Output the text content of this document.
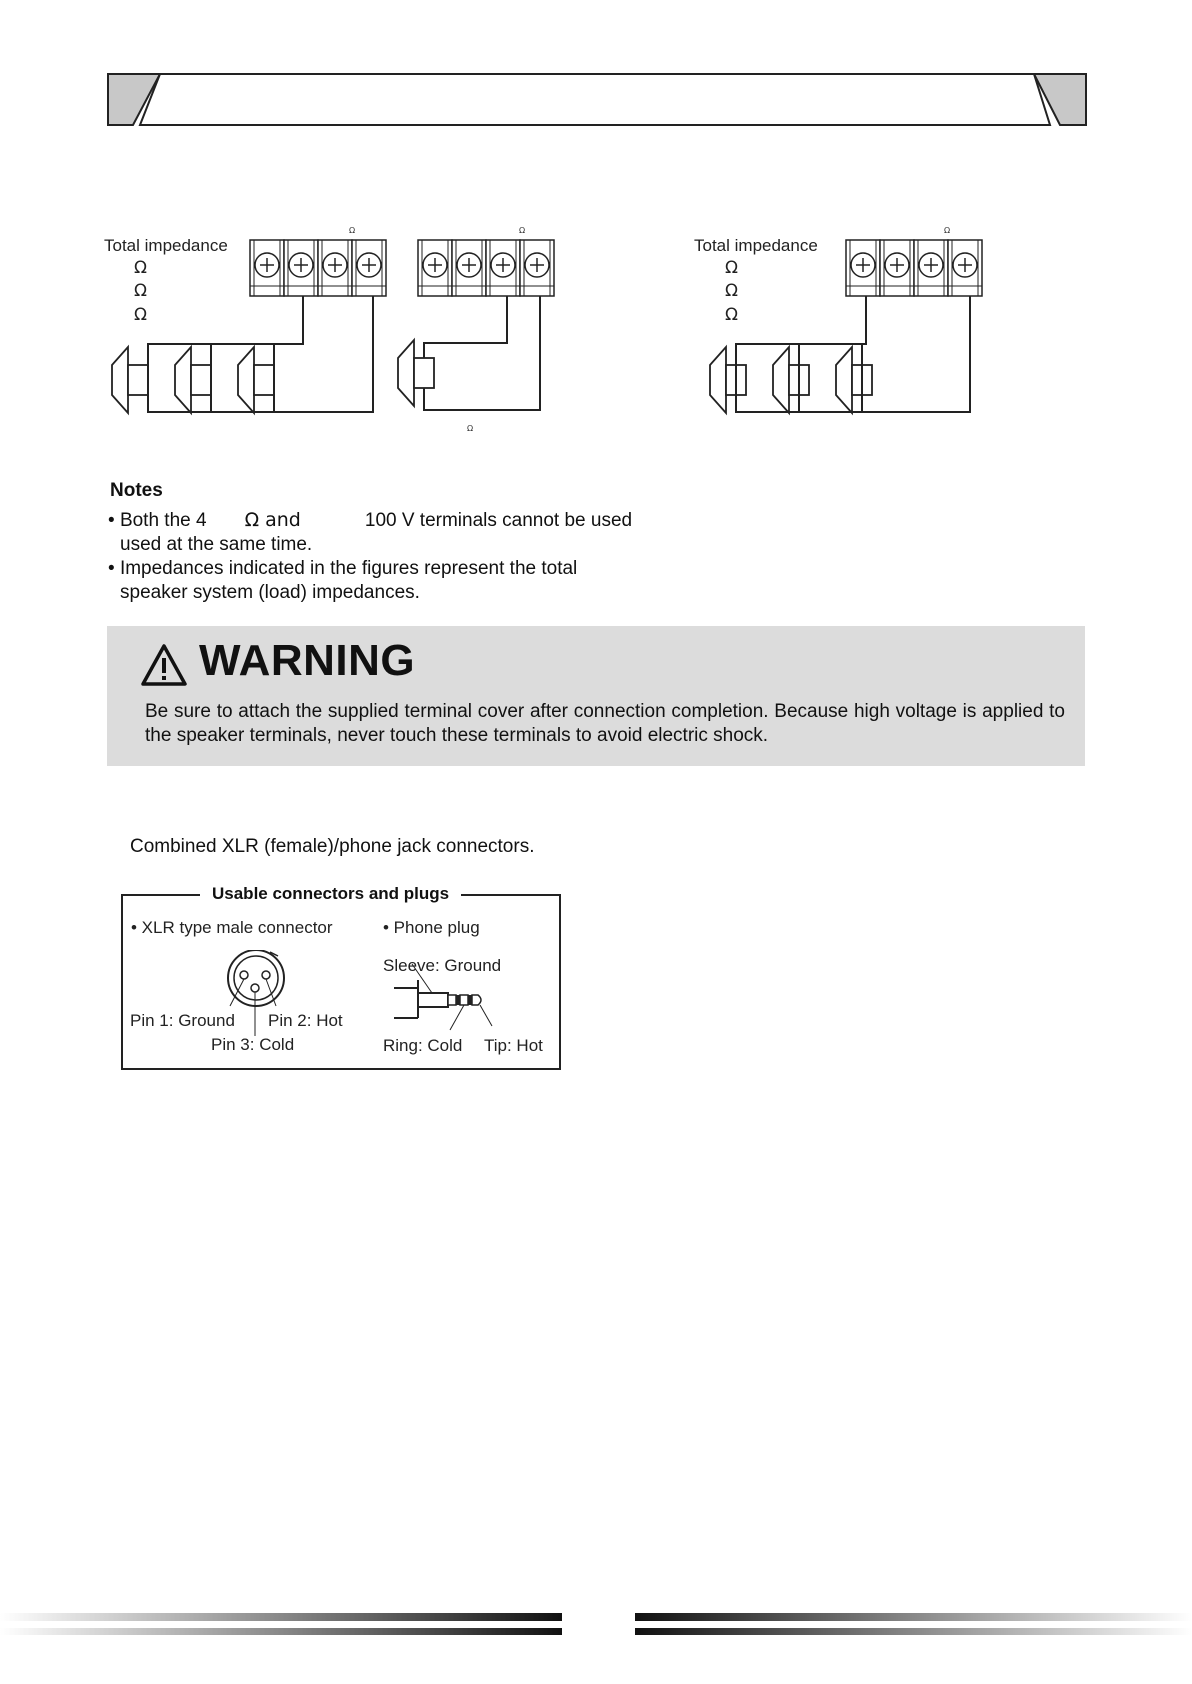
Total impedance
Ω
Ω
Ω
Ω	Ω
Ω
Total impedance
Ω
Ω
Ω
Ω
Notes
• Both the 4 Ω and	100 V terminals cannot be used
used at the same time.
• Impedances indicated in the figures represent the total
speaker system (load) impedances.
WARNING
Be sure to attach the supplied terminal cover after connection completion. Because high voltage is applied to the speaker terminals, never touch these terminals to avoid electric shock.
Combined XLR (female)/phone jack connectors.
Usable connectors and plugs
• XLR type male connector	• Phone plug
Pin 1: Ground Pin 2: Hot
Pin 3: Cold
Sleeve: Ground
Ring: Cold Tip: Hot
